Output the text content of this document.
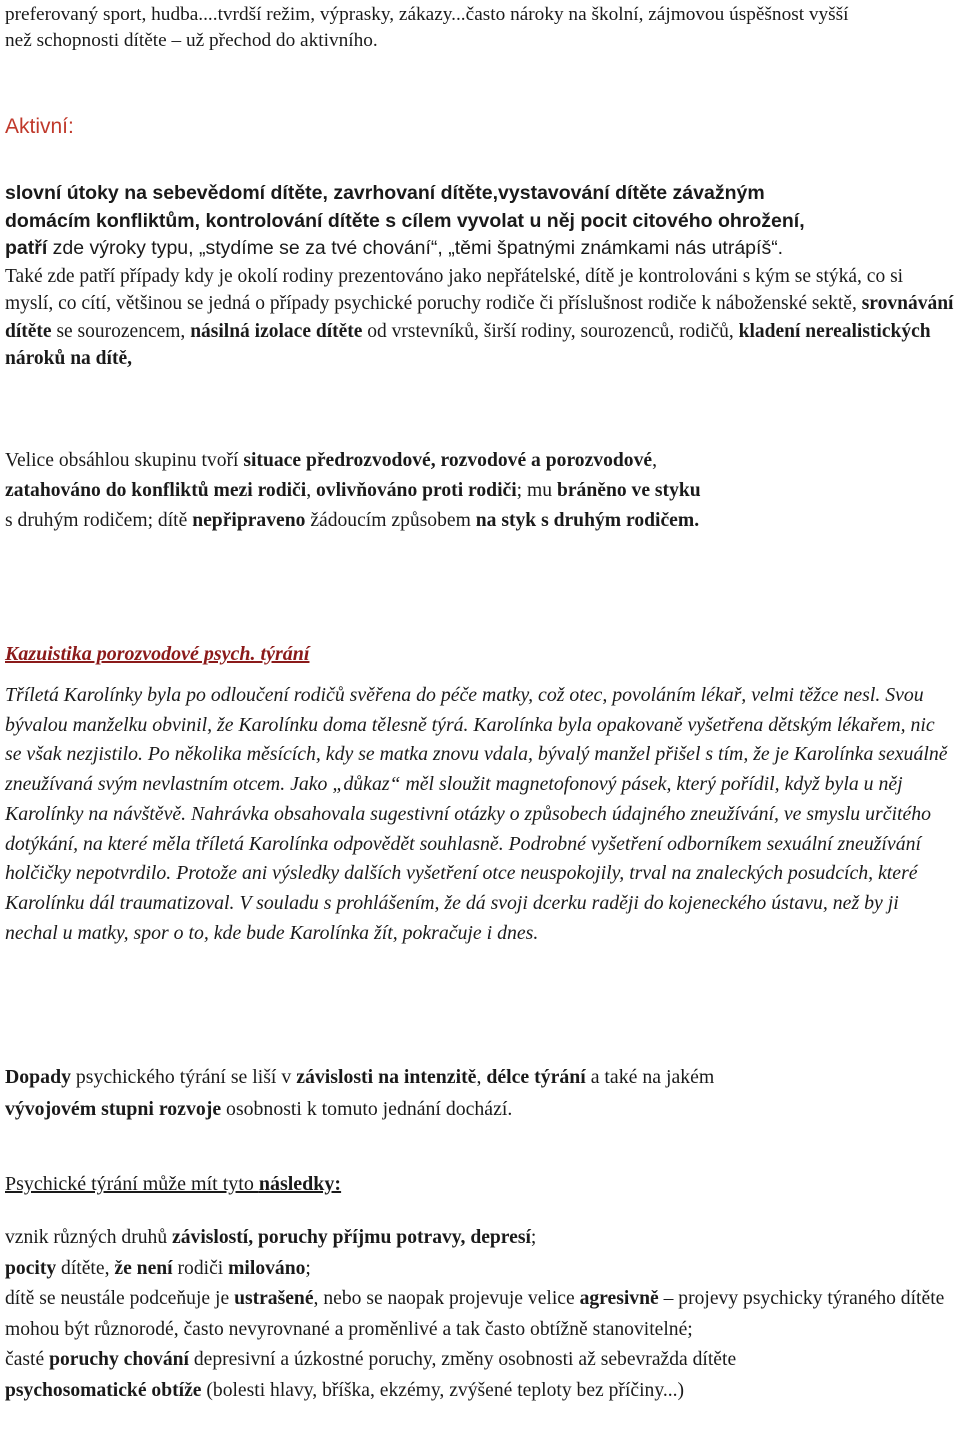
preferovaný sport, hudba....tvrdší režim, výprasky, zákazy...často nároky na školní, zájmovou úspěšnost vyšší

než schopnosti dítěte – už přechod do aktivního.

Aktivní:

slovní útoky na sebevědomí dítěte, zavrhovaní dítěte,vystavování dítěte závažným

domácím konfliktům, kontrolování dítěte s cílem vyvolat u něj pocit citového ohrožení,

patří zde výroky typu, „stydíme se za tvé chování“, „těmi špatnými známkami nás utrápíš“.

Také zde patří případy kdy je okolí rodiny prezentováno jako nepřátelské, dítě je kontrolováni s kým se stýká, co si myslí, co cítí, většinou se jedná o případy psychické poruchy rodiče či příslušnost rodiče k náboženské sektě, srovnávání dítěte se sourozencem, násilná izolace dítěte od vrstevníků, širší rodiny, sourozenců, rodičů, kladení nerealistických nároků na dítě,

Velice obsáhlou skupinu tvoří situace předrozvodové, rozvodové a porozvodové,

zatahováno do konfliktů mezi rodiči, ovlivňováno proti rodiči; mu bráněno ve styku

s druhým rodičem; dítě nepřipraveno žádoucím způsobem na styk s druhým rodičem.

Kazuistika porozvodové psych. týrání

Tříletá Karolínky byla po odloučení rodičů svěřena do péče matky, což otec, povoláním lékař, velmi těžce nesl. Svou bývalou manželku obvinil, že Karolínku doma tělesně týrá. Karolínka byla opakovaně vyšetřena dětským lékařem, nic se však nezjistilo. Po několika měsících, kdy se matka znovu vdala, bývalý manžel přišel s tím, že je Karolínka sexuálně zneužívaná svým nevlastním otcem. Jako „důkaz“ měl sloužit magnetofonový pásek, který pořídil, když byla u něj Karolínky na návštěvě. Nahrávka obsahovala sugestivní otázky o způsobech údajného zneužívání, ve smyslu určitého dotýkání, na které měla tříletá Karolínka odpovědět souhlasně. Podrobné vyšetření odborníkem sexuální zneužívání holčičky nepotvrdilo. Protože ani výsledky dalších vyšetření otce neuspokojily, trval na znaleckých posudcích, které Karolínku dál traumatizoval. V souladu s prohlášením, že dá svoji dcerku raději do kojeneckého ústavu, než by ji nechal u matky, spor o to, kde bude Karolínka žít, pokračuje i dnes.

Dopady psychického týrání se liší v závislosti na intenzitě, délce týrání a také na jakém

vývojovém stupni rozvoje osobnosti k tomuto jednání dochází.

Psychické týrání může mít tyto následky:

vznik různých druhů závislostí, poruchy příjmu potravy, depresí;

pocity dítěte, že není rodiči milováno;

dítě se neustále podceňuje je ustrašené, nebo se naopak projevuje velice agresivně – projevy psychicky týraného dítěte mohou být různorodé, často nevyrovnané a proměnlivé a tak často obtížně stanovitelné;

časté poruchy chování depresivní a úzkostné poruchy, změny osobnosti až sebevražda dítěte

psychosomatické obtíže (bolesti hlavy, bříška, ekzémy, zvýšené teploty bez příčiny...)
